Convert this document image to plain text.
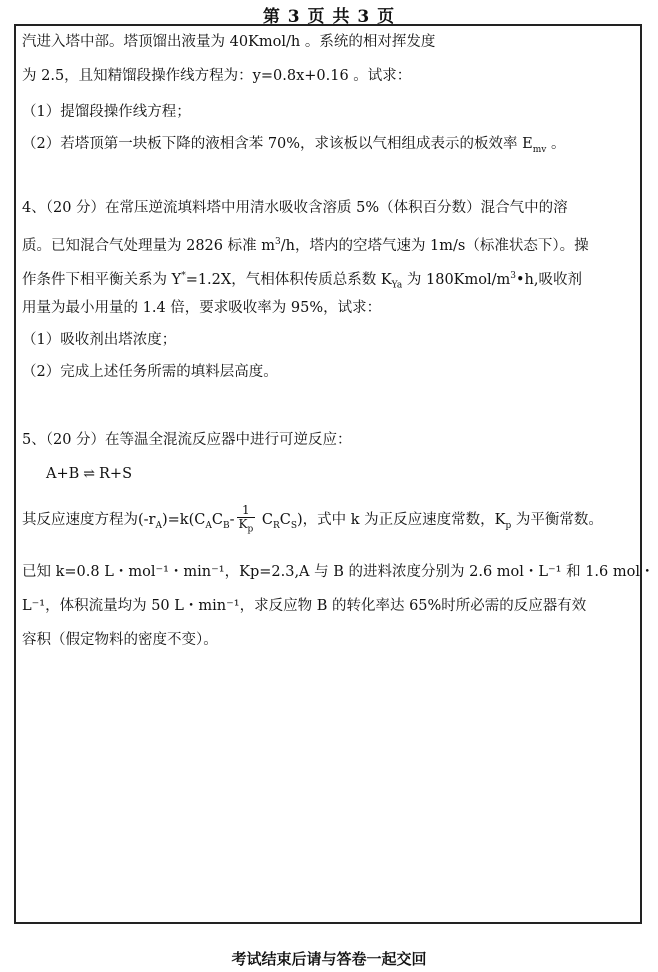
第 3 页 共 3 页
汽进入塔中部。塔顶馏出液量为 40Kmol/h 。系统的相对挥发度
为 2.5，且知精馏段操作线方程为：y=0.8x+0.16 。试求：
（1）提馏段操作线方程；
（2）若塔顶第一块板下降的液相含苯 70%，求该板以气相组成表示的板效率 $E_{mv}$ 。
4、（20 分）在常压逆流填料塔中用清水吸收含溶质 5%（体积百分数）混合气中的溶
质。已知混合气处理量为 2826 标准 $m^3/h$，塔内的空塔气速为 1m/s（标准状态下）。操
作条件下相平衡关系为 Y*=1.2X，气相体积传质总系数 $K_{Ya}$ 为 $180Kmol/m^3•h$,吸收剂
用量为最小用量的 1.4 倍，要求吸收率为 95%，试求：
（1）吸收剂出塔浓度；
（2）完成上述任务所需的填料层高度。
5、（20 分）在等温全混流反应器中进行可逆反应：
A+B ⇌ R+S
其反应速度方程为$(-r_A)=k(C_AC_B- \frac{1}{K_p} C_RC_S)$，式中 k 为正反应速度常数，$K_p$ 为平衡常数。
已知 k=0.8 L・mol⁻¹・min⁻¹，Kp=2.3,A 与 B 的进料浓度分别为 2.6 mol・L⁻¹ 和 1.6 mol・
L⁻¹，体积流量均为 50 L・min⁻¹，求反应物 B 的转化率达 65%时所必需的反应器有效
容积（假定物料的密度不变）。
考试结束后请与答卷一起交回
